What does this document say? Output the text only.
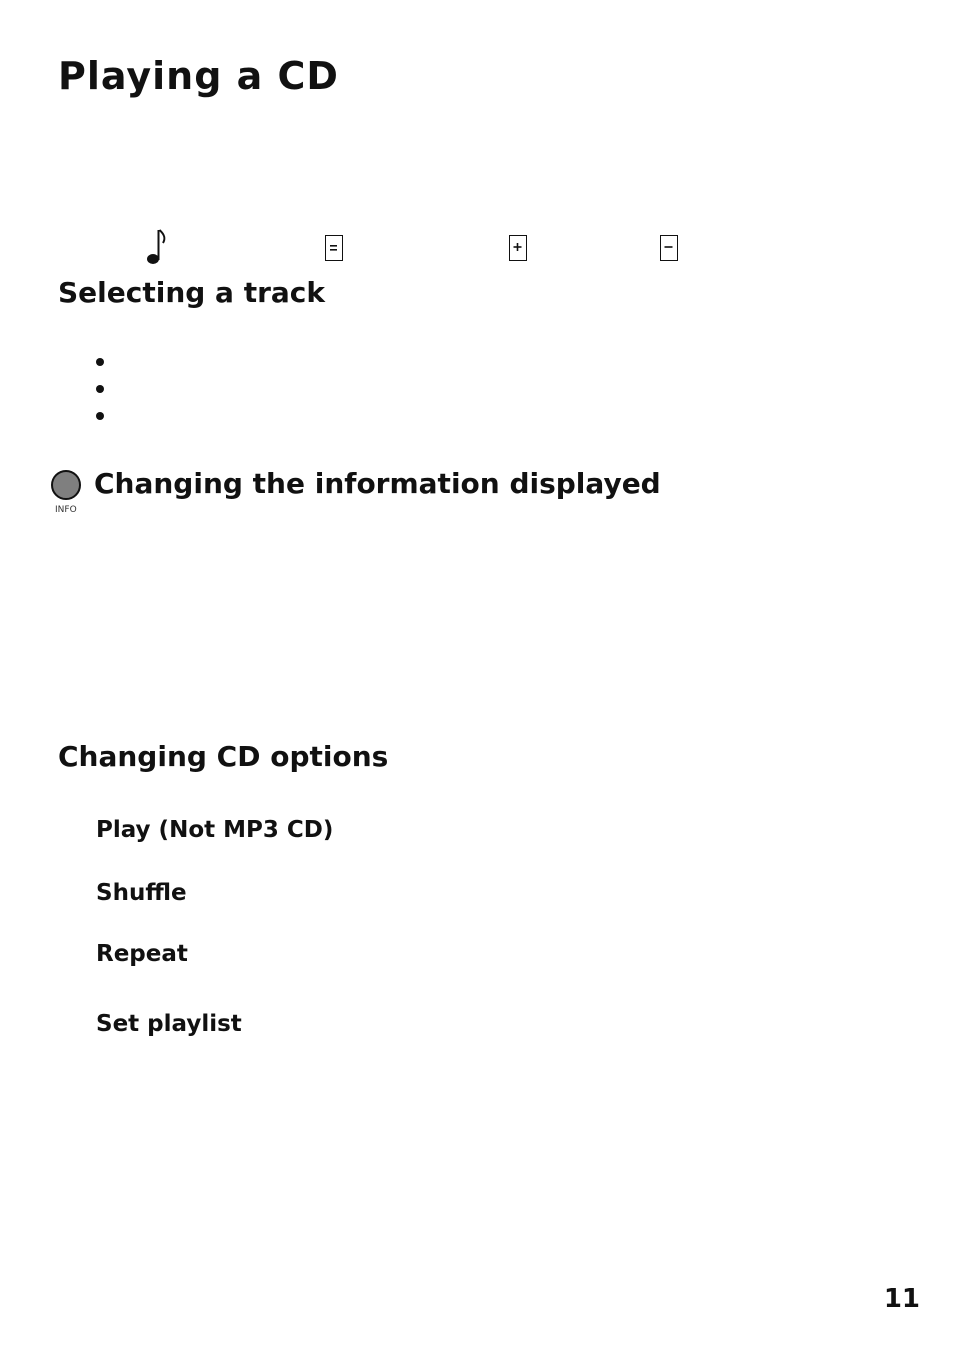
Playing a CD
Selecting a track
INFO
Changing the information displayed
Changing CD options
Play (Not MP3 CD)
Shuffle
Repeat
Set playlist
11
